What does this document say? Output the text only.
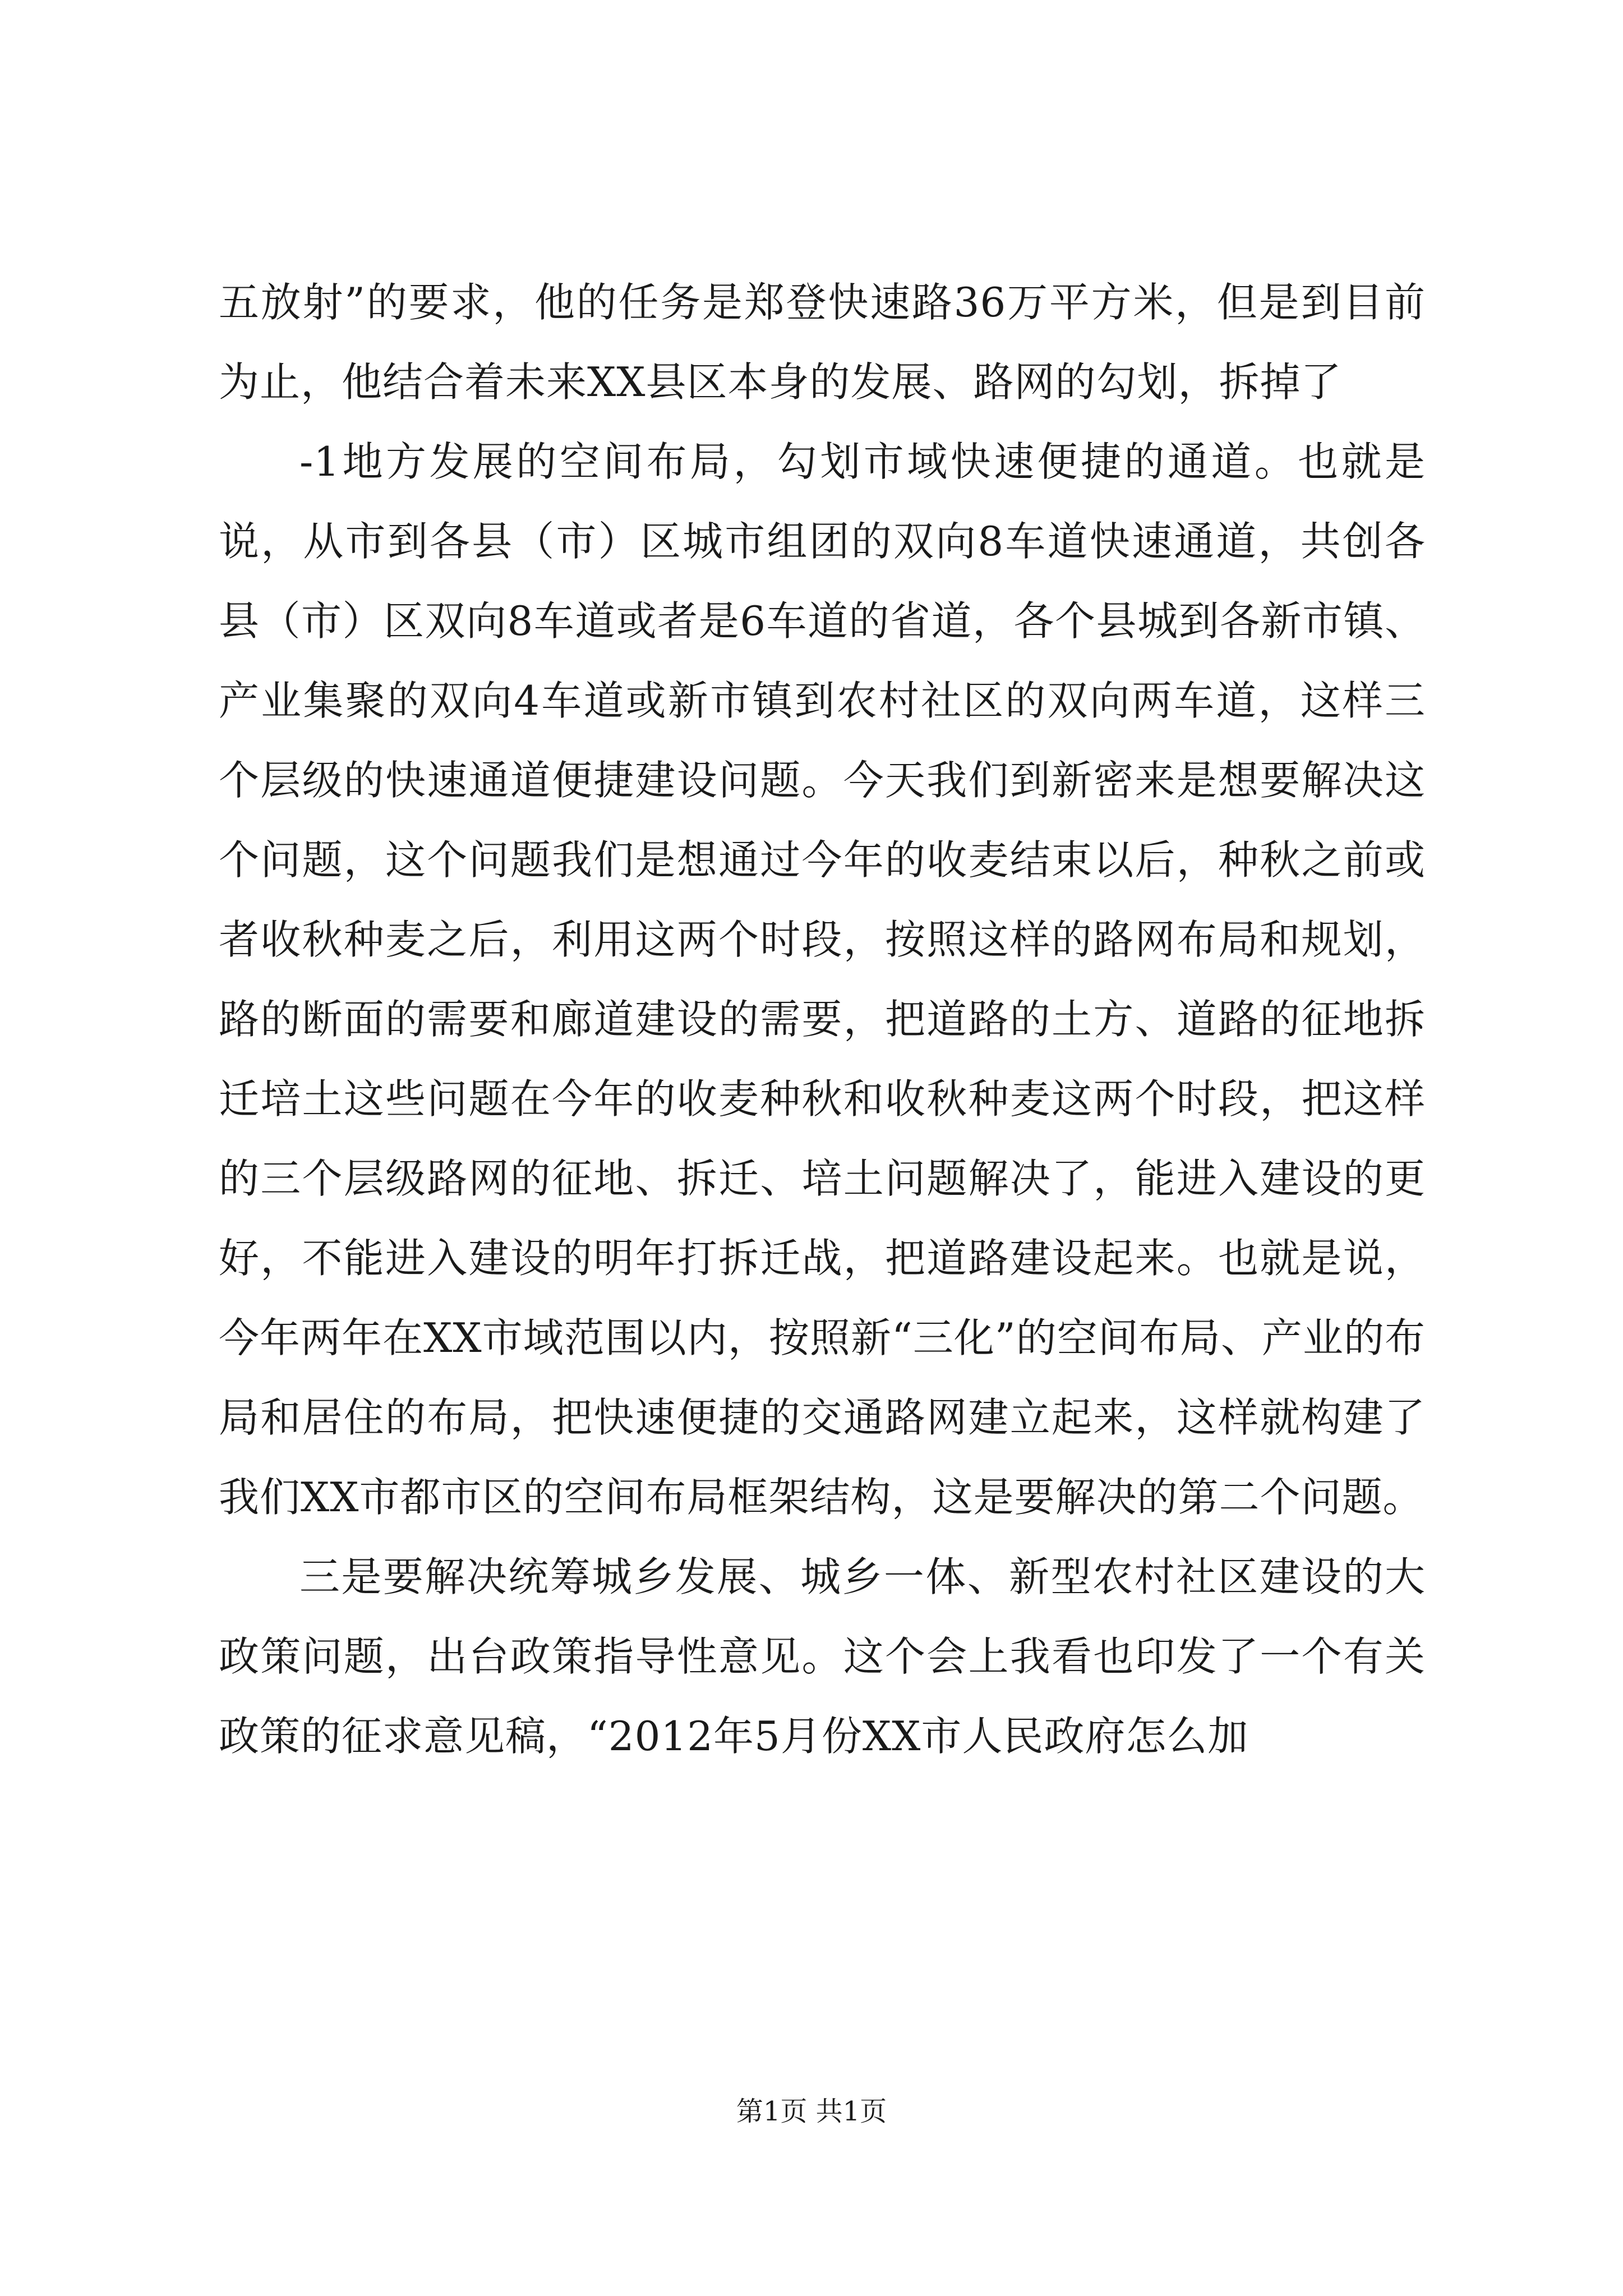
五放射”的要求，他的任务是郑登快速路36万平方米，但是到目前为止，他结合着未来XX县区本身的发展、路网的勾划，拆掉了

-1地方发展的空间布局，勾划市域快速便捷的通道。也就是说，从市到各县（市）区城市组团的双向8车道快速通道，共创各县（市）区双向8车道或者是6车道的省道，各个县城到各新市镇、产业集聚的双向4车道或新市镇到农村社区的双向两车道，这样三个层级的快速通道便捷建设问题。今天我们到新密来是想要解决这个问题，这个问题我们是想通过今年的收麦结束以后，种秋之前或者收秋种麦之后，利用这两个时段，按照这样的路网布局和规划，路的断面的需要和廊道建设的需要，把道路的土方、道路的征地拆迁培土这些问题在今年的收麦种秋和收秋种麦这两个时段，把这样的三个层级路网的征地、拆迁、培土问题解决了，能进入建设的更好，不能进入建设的明年打拆迁战，把道路建设起来。也就是说，今年两年在XX市域范围以内，按照新“三化”的空间布局、产业的布局和居住的布局，把快速便捷的交通路网建立起来，这样就构建了我们XX市都市区的空间布局框架结构，这是要解决的第二个问题。

三是要解决统筹城乡发展、城乡一体、新型农村社区建设的大政策问题，出台政策指导性意见。这个会上我看也印发了一个有关政策的征求意见稿，“2012年5月份XX市人民政府怎么加

第1页 共1页
